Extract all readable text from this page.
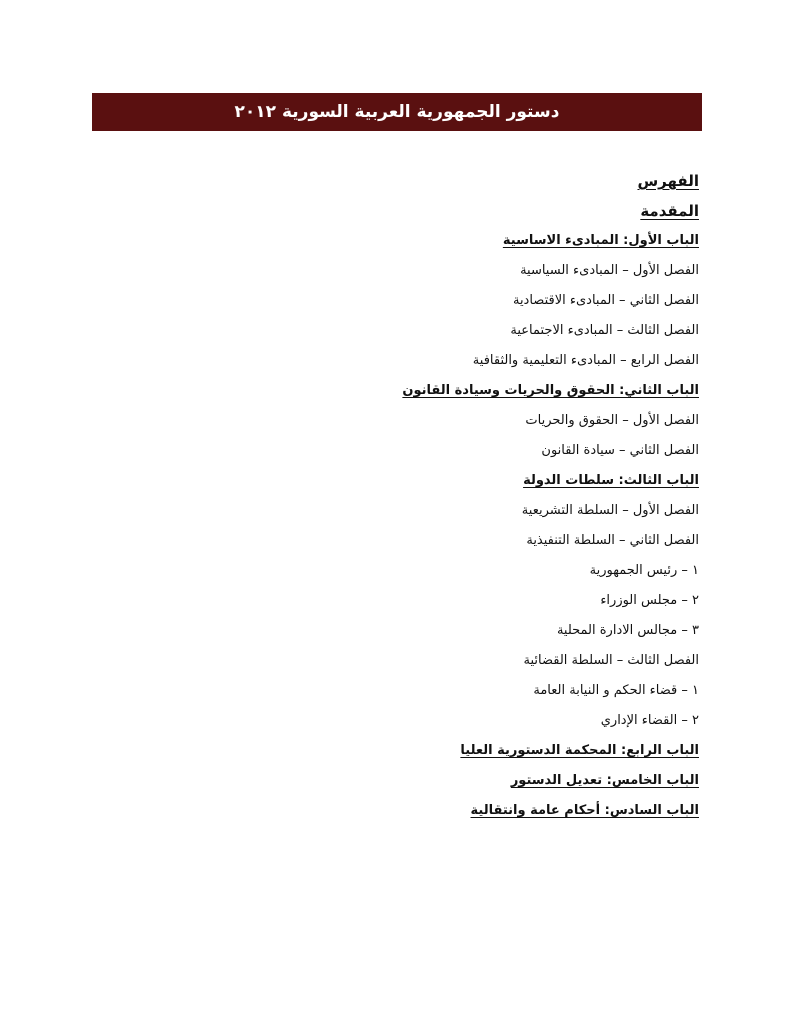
دستور الجمهورية العربية السورية ٢٠١٢
الفهرس
المقدمة
الباب الأول: المبادىء الاساسية
الفصل الأول – المبادىء السياسية
الفصل الثاني – المبادىء الاقتصادية
الفصل الثالث – المبادىء الاجتماعية
الفصل الرابع – المبادىء التعليمية والثقافية
الباب الثاني: الحقوق والحريات وسيادة القانون
الفصل الأول – الحقوق والحريات
الفصل الثاني – سيادة القانون
الباب الثالث: سلطات الدولة
الفصل الأول – السلطة التشريعية
الفصل الثاني – السلطة التنفيذية
١ – رئيس الجمهورية
٢ – مجلس الوزراء
٣ – مجالس الادارة المحلية
الفصل الثالث – السلطة القضائية
١ – قضاء الحكم و النيابة العامة
٢ – القضاء الإداري
الباب الرابع: المحكمة الدستورية العليا
الباب الخامس: تعديل الدستور
الباب السادس: أحكام عامة وانتقالية
